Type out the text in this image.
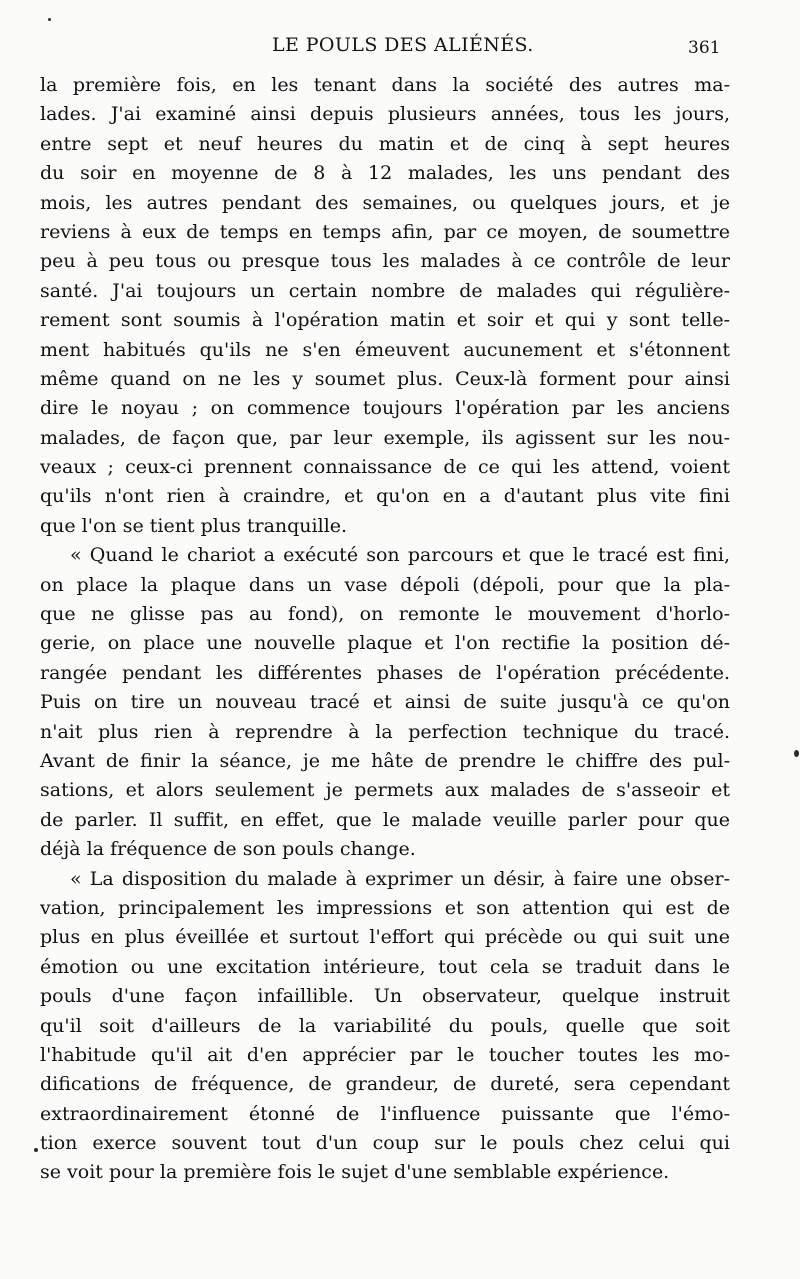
LE POULS DES ALIÉNÉS.	361
la première fois, en les tenant dans la société des autres ma-
lades. J'ai examiné ainsi depuis plusieurs années, tous les jours,
entre sept et neuf heures du matin et de cinq à sept heures
du soir en moyenne de 8 à 12 malades, les uns pendant des
mois, les autres pendant des semaines, ou quelques jours, et je
reviens à eux de temps en temps afin, par ce moyen, de soumettre
peu à peu tous ou presque tous les malades à ce contrôle de leur
santé. J'ai toujours un certain nombre de malades qui régulière-
rement sont soumis à l'opération matin et soir et qui y sont telle-
ment habitués qu'ils ne s'en émeuvent aucunement et s'étonnent
même quand on ne les y soumet plus. Ceux-là forment pour ainsi
dire le noyau ; on commence toujours l'opération par les anciens
malades, de façon que, par leur exemple, ils agissent sur les nou-
veaux ; ceux-ci prennent connaissance de ce qui les attend, voient
qu'ils n'ont rien à craindre, et qu'on en a d'autant plus vite fini
que l'on se tient plus tranquille.
« Quand le chariot a exécuté son parcours et que le tracé est fini,
on place la plaque dans un vase dépoli (dépoli, pour que la pla-
que ne glisse pas au fond), on remonte le mouvement d'horlo-
gerie, on place une nouvelle plaque et l'on rectifie la position dé-
rangée pendant les différentes phases de l'opération précédente.
Puis on tire un nouveau tracé et ainsi de suite jusqu'à ce qu'on
n'ait plus rien à reprendre à la perfection technique du tracé.
Avant de finir la séance, je me hâte de prendre le chiffre des pul-
sations, et alors seulement je permets aux malades de s'asseoir et
de parler. Il suffit, en effet, que le malade veuille parler pour que
déjà la fréquence de son pouls change.
« La disposition du malade à exprimer un désir, à faire une obser-
vation, principalement les impressions et son attention qui est de
plus en plus éveillée et surtout l'effort qui précède ou qui suit une
émotion ou une excitation intérieure, tout cela se traduit dans le
pouls d'une façon infaillible. Un observateur, quelque instruit
qu'il soit d'ailleurs de la variabilité du pouls, quelle que soit
l'habitude qu'il ait d'en apprécier par le toucher toutes les mo-
difications de fréquence, de grandeur, de dureté, sera cependant
extraordinairement étonné de l'influence puissante que l'émo-
tion exerce souvent tout d'un coup sur le pouls chez celui qui
se voit pour la première fois le sujet d'une semblable expérience.
